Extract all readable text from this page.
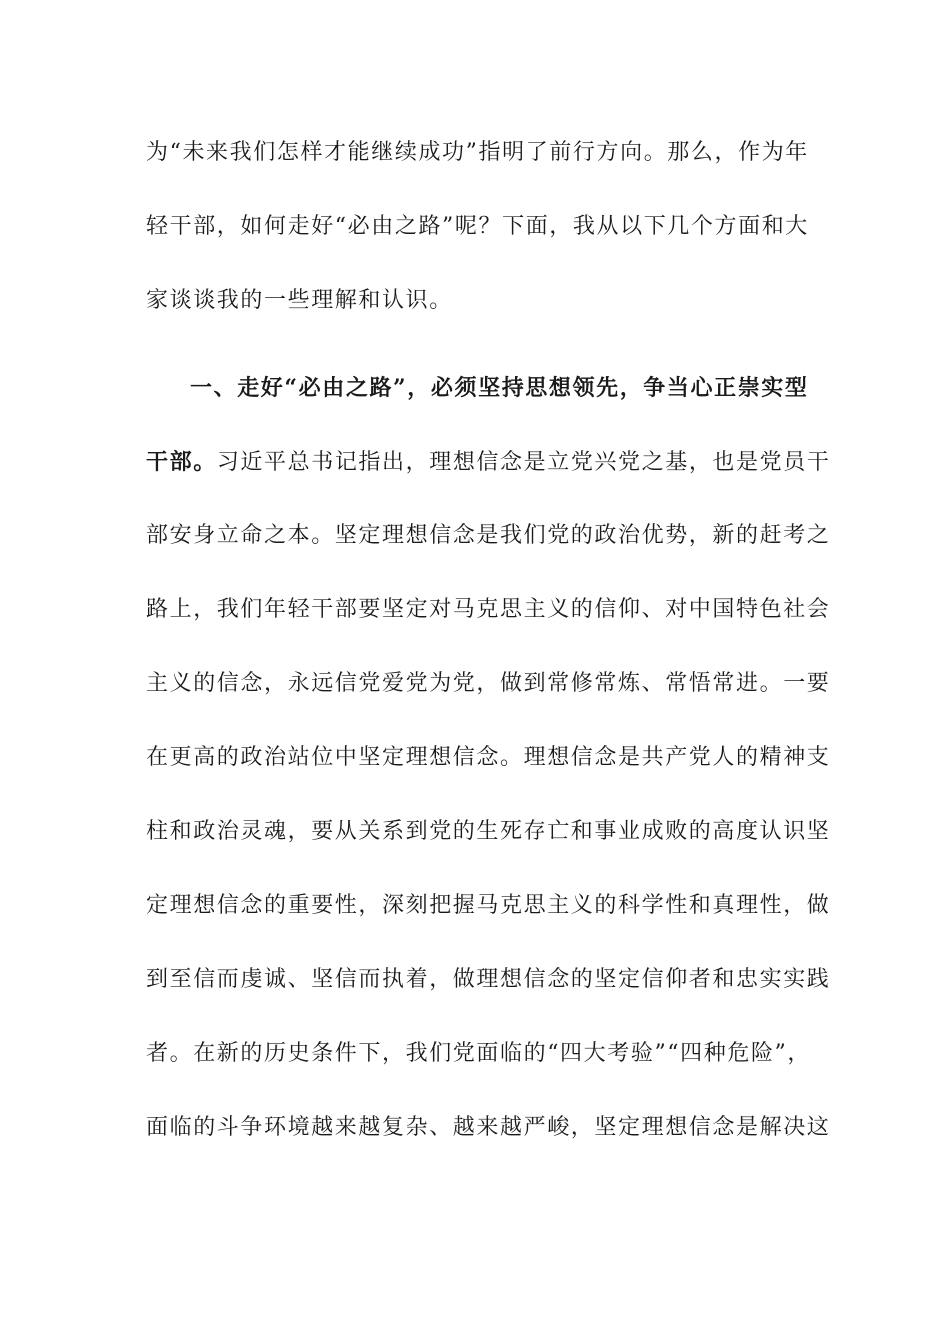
为“未来我们怎样才能继续成功”指明了前行方向。那么，作为年
轻干部，如何走好“必由之路”呢？下面，我从以下几个方面和大
家谈谈我的一些理解和认识。
一、走好“必由之路”，必须坚持思想领先，争当心正崇实型
干部。习近平总书记指出，理想信念是立党兴党之基，也是党员干
部安身立命之本。坚定理想信念是我们党的政治优势，新的赶考之
路上，我们年轻干部要坚定对马克思主义的信仰、对中国特色社会
主义的信念，永远信党爱党为党，做到常修常炼、常悟常进。一要
在更高的政治站位中坚定理想信念。理想信念是共产党人的精神支
柱和政治灵魂，要从关系到党的生死存亡和事业成败的高度认识坚
定理想信念的重要性，深刻把握马克思主义的科学性和真理性，做
到至信而虔诚、坚信而执着，做理想信念的坚定信仰者和忠实实践
者。在新的历史条件下，我们党面临的“四大考验”“四种危险”，
面临的斗争环境越来越复杂、越来越严峻，坚定理想信念是解决这
